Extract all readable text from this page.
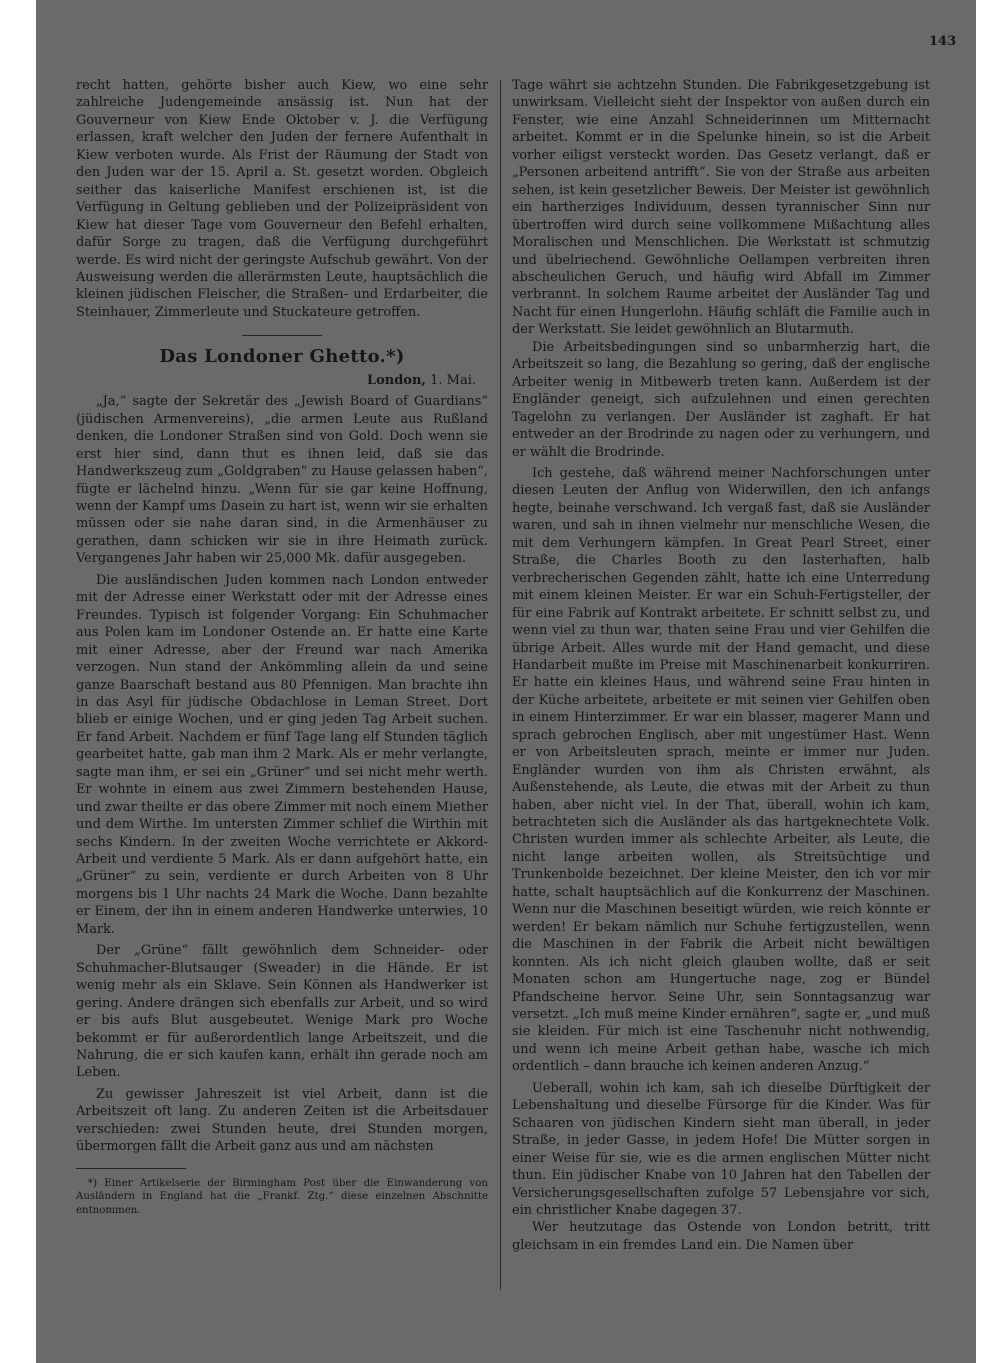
143

recht hatten, gehörte bisher auch Kiew, wo eine sehr zahlreiche Judengemeinde ansässig ist. Nun hat der Gouverneur von Kiew Ende Oktober v. J. die Verfügung erlassen, kraft welcher den Juden der fernere Aufenthalt in Kiew verboten wurde. Als Frist der Räumung der Stadt von den Juden war der 15. April a. St. gesetzt worden. Obgleich seither das kaiserliche Manifest erschienen ist, ist die Verfügung in Geltung geblieben und der Polizeipräsident von Kiew hat dieser Tage vom Gouverneur den Befehl erhalten, dafür Sorge zu tragen, daß die Verfügung durchgeführt werde. Es wird nicht der geringste Aufschub gewährt. Von der Ausweisung werden die allerärmsten Leute, hauptsächlich die kleinen jüdischen Fleischer, die Straßen- und Erdarbeiter, die Steinhauer, Zimmerleute und Stuckateure getroffen.

Das Londoner Ghetto.*)
London, 1. Mai.

„Ja,“ sagte der Sekretär des „Jewish Board of Guardians“ (jüdischen Armenvereins), „die armen Leute aus Rußland denken, die Londoner Straßen sind von Gold. Doch wenn sie erst hier sind, dann thut es ihnen leid, daß sie das Handwerkszeug zum „Goldgraben“ zu Hause gelassen haben“, fügte er lächelnd hinzu. „Wenn für sie gar keine Hoffnung, wenn der Kampf ums Dasein zu hart ist, wenn wir sie erhalten müssen oder sie nahe daran sind, in die Armenhäuser zu gerathen, dann schicken wir sie in ihre Heimath zurück. Vergangenes Jahr haben wir 25,000 Mk. dafür ausgegeben.

Die ausländischen Juden kommen nach London entweder mit der Adresse einer Werkstatt oder mit der Adresse eines Freundes. Typisch ist folgender Vorgang: Ein Schuhmacher aus Polen kam im Londoner Ostende an. Er hatte eine Karte mit einer Adresse, aber der Freund war nach Amerika verzogen. Nun stand der Ankömmling allein da und seine ganze Baarschaft bestand aus 80 Pfennigen. Man brachte ihn in das Asyl für jüdische Obdachlose in Leman Street. Dort blieb er einige Wochen, und er ging jeden Tag Arbeit suchen. Er fand Arbeit. Nachdem er fünf Tage lang elf Stunden täglich gearbeitet hatte, gab man ihm 2 Mark. Als er mehr verlangte, sagte man ihm, er sei ein „Grüner“ und sei nicht mehr werth. Er wohnte in einem aus zwei Zimmern bestehenden Hause, und zwar theilte er das obere Zimmer mit noch einem Miether und dem Wirthe. Im untersten Zimmer schlief die Wirthin mit sechs Kindern. In der zweiten Woche verrichtete er Akkord-Arbeit und verdiente 5 Mark. Als er dann aufgehört hatte, ein „Grüner“ zu sein, verdiente er durch Arbeiten von 8 Uhr morgens bis 1 Uhr nachts 24 Mark die Woche. Dann bezahlte er Einem, der ihn in einem anderen Handwerke unterwies, 10 Mark.

Der „Grüne“ fällt gewöhnlich dem Schneider- oder Schuhmacher-Blutsauger (Sweader) in die Hände. Er ist wenig mehr als ein Sklave. Sein Können als Handwerker ist gering. Andere drängen sich ebenfalls zur Arbeit, und so wird er bis aufs Blut ausgebeutet. Wenige Mark pro Woche bekommt er für außerordentlich lange Arbeitszeit, und die Nahrung, die er sich kaufen kann, erhält ihn gerade noch am Leben.

Zu gewisser Jahreszeit ist viel Arbeit, dann ist die Arbeitszeit oft lang. Zu anderen Zeiten ist die Arbeitsdauer verschieden: zwei Stunden heute, drei Stunden morgen, übermorgen fällt die Arbeit ganz aus und am nächsten

*) Einer Artikelserie der Birmingham Post über die Einwanderung von Ausländern in England hat die „Frankf. Ztg.“ diese einzelnen Abschnitte entnommen.

Tage währt sie achtzehn Stunden. Die Fabrikgesetzgebung ist unwirksam. Vielleicht sieht der Inspektor von außen durch ein Fenster, wie eine Anzahl Schneiderinnen um Mitternacht arbeitet. Kommt er in die Spelunke hinein, so ist die Arbeit vorher eiligst versteckt worden. Das Gesetz verlangt, daß er „Personen arbeitend antrifft“. Sie von der Straße aus arbeiten sehen, ist kein gesetzlicher Beweis. Der Meister ist gewöhnlich ein hartherziges Individuum, dessen tyrannischer Sinn nur übertroffen wird durch seine vollkommene Mißachtung alles Moralischen und Menschlichen. Die Werkstatt ist schmutzig und übelriechend. Gewöhnliche Oellampen verbreiten ihren abscheulichen Geruch, und häufig wird Abfall im Zimmer verbrannt. In solchem Raume arbeitet der Ausländer Tag und Nacht für einen Hungerlohn. Häufig schläft die Familie auch in der Werkstatt. Sie leidet gewöhnlich an Blutarmuth.

Die Arbeitsbedingungen sind so unbarmherzig hart, die Arbeitszeit so lang, die Bezahlung so gering, daß der englische Arbeiter wenig in Mitbewerb treten kann. Außerdem ist der Engländer geneigt, sich aufzulehnen und einen gerechten Tagelohn zu verlangen. Der Ausländer ist zaghaft. Er hat entweder an der Brodrinde zu nagen oder zu verhungern, und er wählt die Brodrinde.

Ich gestehe, daß während meiner Nachforschungen unter diesen Leuten der Anflug von Widerwillen, den ich anfangs hegte, beinahe verschwand. Ich vergaß fast, daß sie Ausländer waren, und sah in ihnen vielmehr nur menschliche Wesen, die mit dem Verhungern kämpfen. In Great Pearl Street, einer Straße, die Charles Booth zu den lasterhaften, halb verbrecherischen Gegenden zählt, hatte ich eine Unterredung mit einem kleinen Meister. Er war ein Schuh-Fertigsteller, der für eine Fabrik auf Kontrakt arbeitete. Er schnitt selbst zu, und wenn viel zu thun war, thaten seine Frau und vier Gehilfen die übrige Arbeit. Alles wurde mit der Hand gemacht, und diese Handarbeit mußte im Preise mit Maschinenarbeit konkurriren. Er hatte ein kleines Haus, und während seine Frau hinten in der Küche arbeitete, arbeitete er mit seinen vier Gehilfen oben in einem Hinterzimmer. Er war ein blasser, magerer Mann und sprach gebrochen Englisch, aber mit ungestümer Hast. Wenn er von Arbeitsleuten sprach, meinte er immer nur Juden. Engländer wurden von ihm als Christen erwähnt, als Außenstehende, als Leute, die etwas mit der Arbeit zu thun haben, aber nicht viel. In der That, überall, wohin ich kam, betrachteten sich die Ausländer als das hartgeknechtete Volk. Christen wurden immer als schlechte Arbeiter, als Leute, die nicht lange arbeiten wollen, als Streitsüchtige und Trunkenbolde bezeichnet. Der kleine Meister, den ich vor mir hatte, schalt hauptsächlich auf die Konkurrenz der Maschinen. Wenn nur die Maschinen beseitigt würden, wie reich könnte er werden! Er bekam nämlich nur Schuhe fertigzustellen, wenn die Maschinen in der Fabrik die Arbeit nicht bewältigen konnten. Als ich nicht gleich glauben wollte, daß er seit Monaten schon am Hungertuche nage, zog er Bündel Pfandscheine hervor. Seine Uhr, sein Sonntagsanzug war versetzt. „Ich muß meine Kinder ernähren“, sagte er, „und muß sie kleiden. Für mich ist eine Taschenuhr nicht nothwendig, und wenn ich meine Arbeit gethan habe, wasche ich mich ordentlich – dann brauche ich keinen anderen Anzug.“

Ueberall, wohin ich kam, sah ich dieselbe Dürftigkeit der Lebenshaltung und dieselbe Fürsorge für die Kinder. Was für Schaaren von jüdischen Kindern sieht man überall, in jeder Straße, in jeder Gasse, in jedem Hofe! Die Mütter sorgen in einer Weise für sie, wie es die armen englischen Mütter nicht thun. Ein jüdischer Knabe von 10 Jahren hat den Tabellen der Versicherungsgesellschaften zufolge 57 Lebensjahre vor sich, ein christlicher Knabe dagegen 37.

Wer heutzutage das Ostende von London betritt, tritt gleichsam in ein fremdes Land ein. Die Namen über
